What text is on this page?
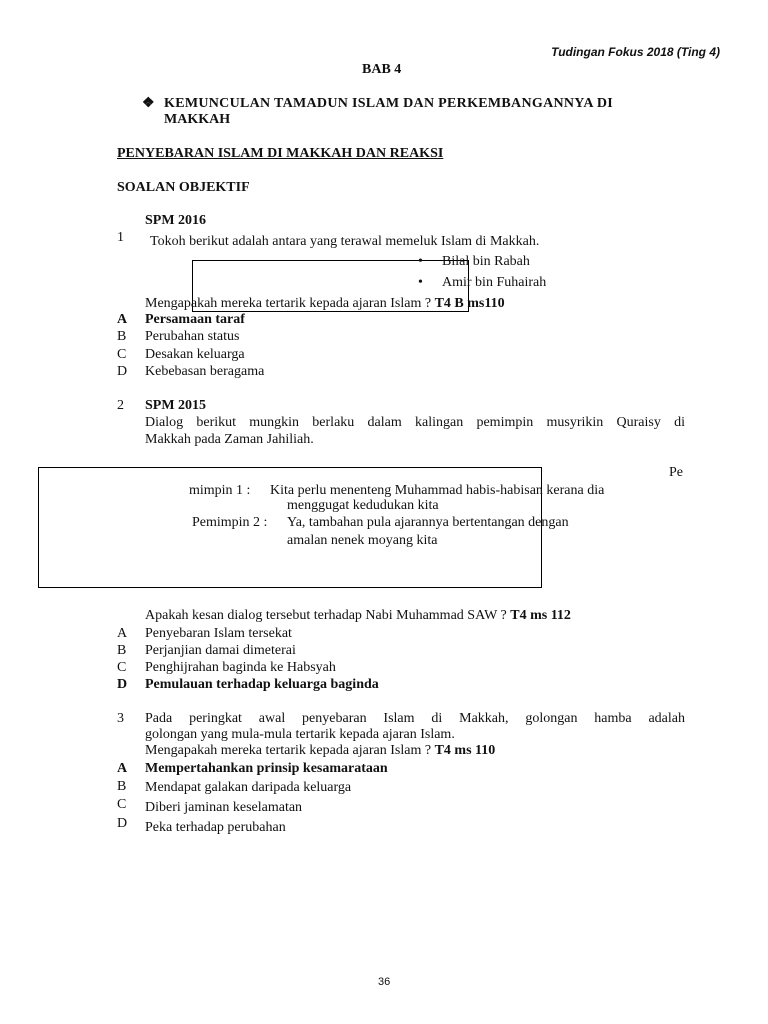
Tudingan Fokus 2018 (Ting 4)
BAB 4
❖ KEMUNCULAN TAMADUN ISLAM DAN PERKEMBANGANNYA DI
MAKKAH
PENYEBARAN ISLAM DI MAKKAH DAN REAKSI
SOALAN OBJEKTIF
SPM 2016
1 Tokoh berikut adalah antara yang terawal memeluk Islam di Makkah.
• Bilal bin Rabah
• Amir bin Fuhairah
Mengapakah mereka tertarik kepada ajaran Islam ? T4 B ms110
A Persamaan taraf
B Perubahan status
C Desakan keluarga
D Kebebasan beragama
2 SPM 2015
Dialog berikut mungkin berlaku dalam kalingan pemimpin musyrikin Quraisy di
Makkah pada Zaman Jahiliah.
Pe
mimpin 1 : Kita perlu menenteng Muhammad habis-habisan kerana dia
menggugat kedudukan kita
Pemimpin 2 : Ya, tambahan pula ajarannya bertentangan dengan
amalan nenek moyang kita
Apakah kesan dialog tersebut terhadap Nabi Muhammad SAW ? T4 ms 112
A Penyebaran Islam tersekat
B Perjanjian damai dimeterai
C Penghijrahan baginda ke Habsyah
D Pemulauan terhadap keluarga baginda
3 Pada peringkat awal penyebaran Islam di Makkah, golongan hamba adalah
golongan yang mula-mula tertarik kepada ajaran Islam.
Mengapakah mereka tertarik kepada ajaran Islam ? T4 ms 110
A Mempertahankan prinsip kesamarataan
B Mendapat galakan daripada keluarga
C Diberi jaminan keselamatan
D Peka terhadap perubahan
36
